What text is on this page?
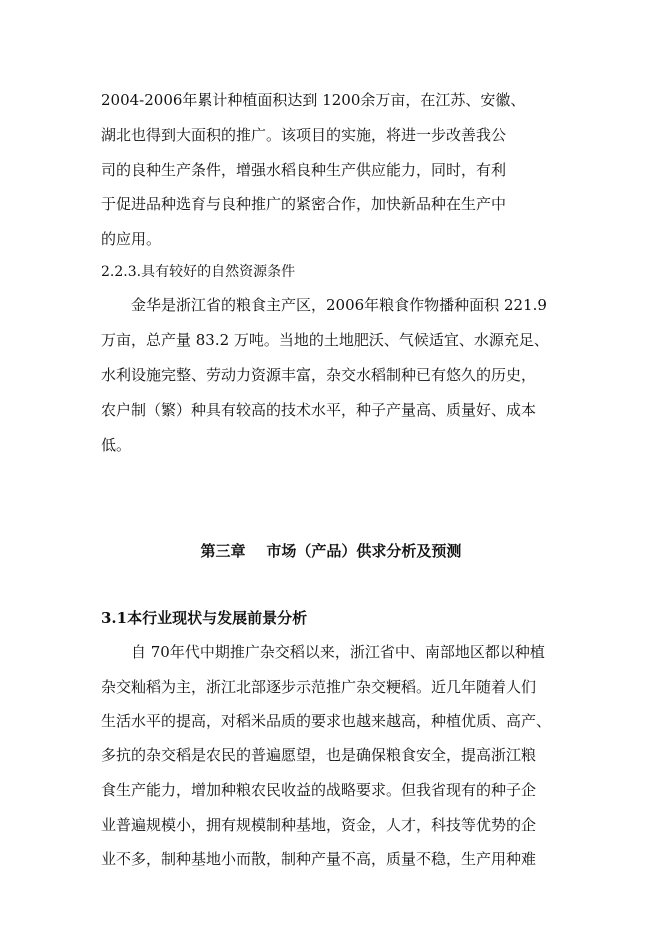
2004-2006年累计种植面积达到 1200余万亩，在江苏、安徽、
湖北也得到大面积的推广。该项目的实施，将进一步改善我公
司的良种生产条件，增强水稻良种生产供应能力，同时，有利
于促进品种选育与良种推广的紧密合作，加快新品种在生产中
的应用。
2.2.3.具有较好的自然资源条件
金华是浙江省的粮食主产区，2006年粮食作物播种面积 221.9
万亩，总产量 83.2 万吨。当地的土地肥沃、气候适宜、水源充足、
水利设施完整、劳动力资源丰富，杂交水稻制种已有悠久的历史，
农户制（繁）种具有较高的技术水平，种子产量高、质量好、成本
低。
第三章    市场（产品）供求分析及预测
3.1本行业现状与发展前景分析
自 70年代中期推广杂交稻以来，浙江省中、南部地区都以种植
杂交籼稻为主，浙江北部逐步示范推广杂交粳稻。近几年随着人们
生活水平的提高，对稻米品质的要求也越来越高，种植优质、高产、
多抗的杂交稻是农民的普遍愿望，也是确保粮食安全，提高浙江粮
食生产能力，增加种粮农民收益的战略要求。但我省现有的种子企
业普遍规模小，拥有规模制种基地，资金，人才，科技等优势的企
业不多，制种基地小而散，制种产量不高，质量不稳，生产用种难
